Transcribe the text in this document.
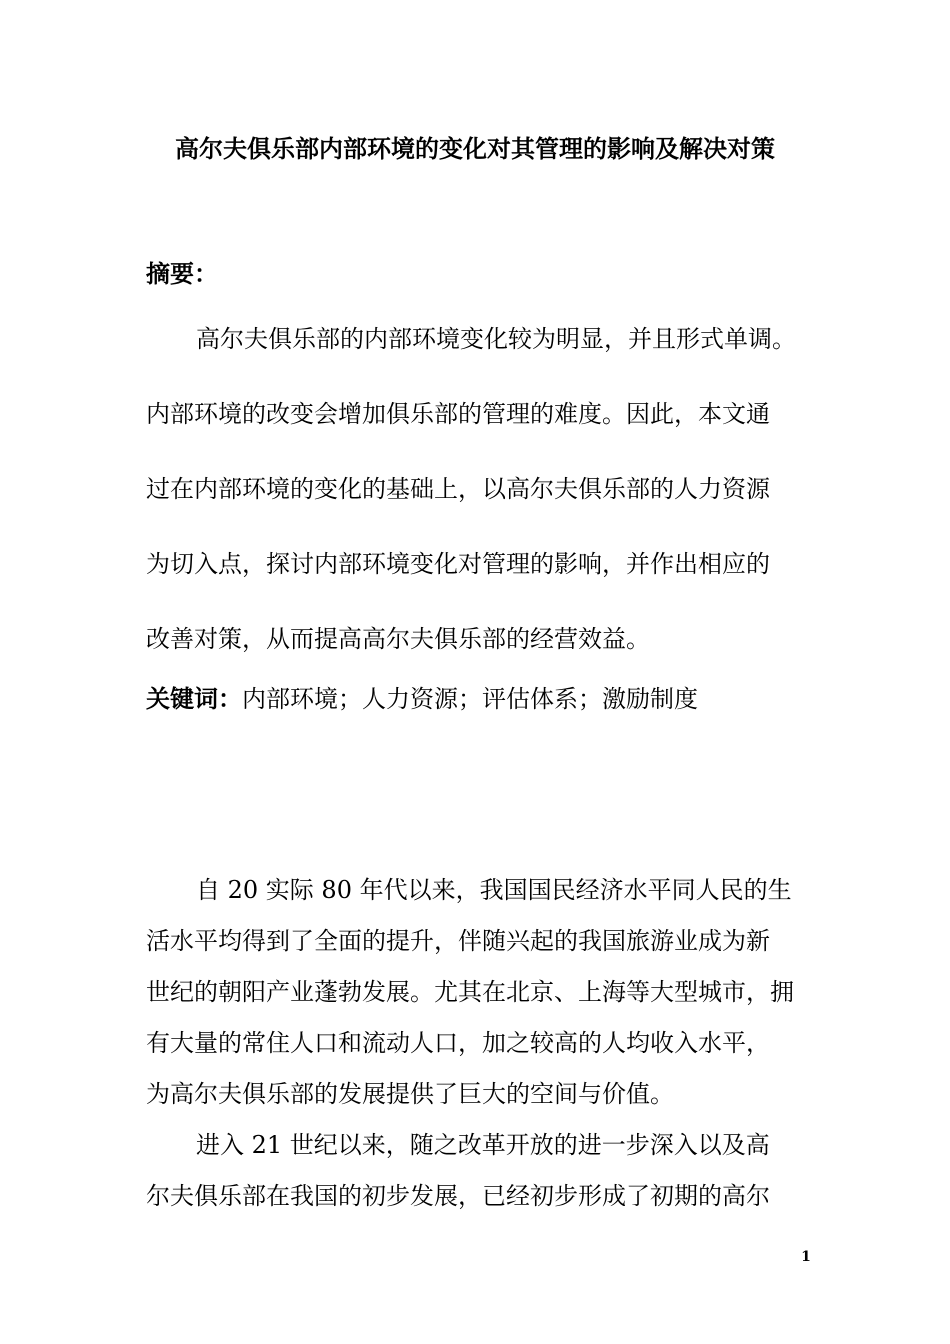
高尔夫俱乐部内部环境的变化对其管理的影响及解决对策
摘要：
高尔夫俱乐部的内部环境变化较为明显，并且形式单调。
内部环境的改变会增加俱乐部的管理的难度。因此，本文通
过在内部环境的变化的基础上，以高尔夫俱乐部的人力资源
为切入点，探讨内部环境变化对管理的影响，并作出相应的
改善对策，从而提高高尔夫俱乐部的经营效益。
关键词：内部环境；人力资源；评估体系；激励制度
自 20 实际 80 年代以来，我国国民经济水平同人民的生
活水平均得到了全面的提升，伴随兴起的我国旅游业成为新
世纪的朝阳产业蓬勃发展。尤其在北京、上海等大型城市，拥
有大量的常住人口和流动人口，加之较高的人均收入水平，
为高尔夫俱乐部的发展提供了巨大的空间与价值。
进入 21 世纪以来，随之改革开放的进一步深入以及高
尔夫俱乐部在我国的初步发展，已经初步形成了初期的高尔
1
